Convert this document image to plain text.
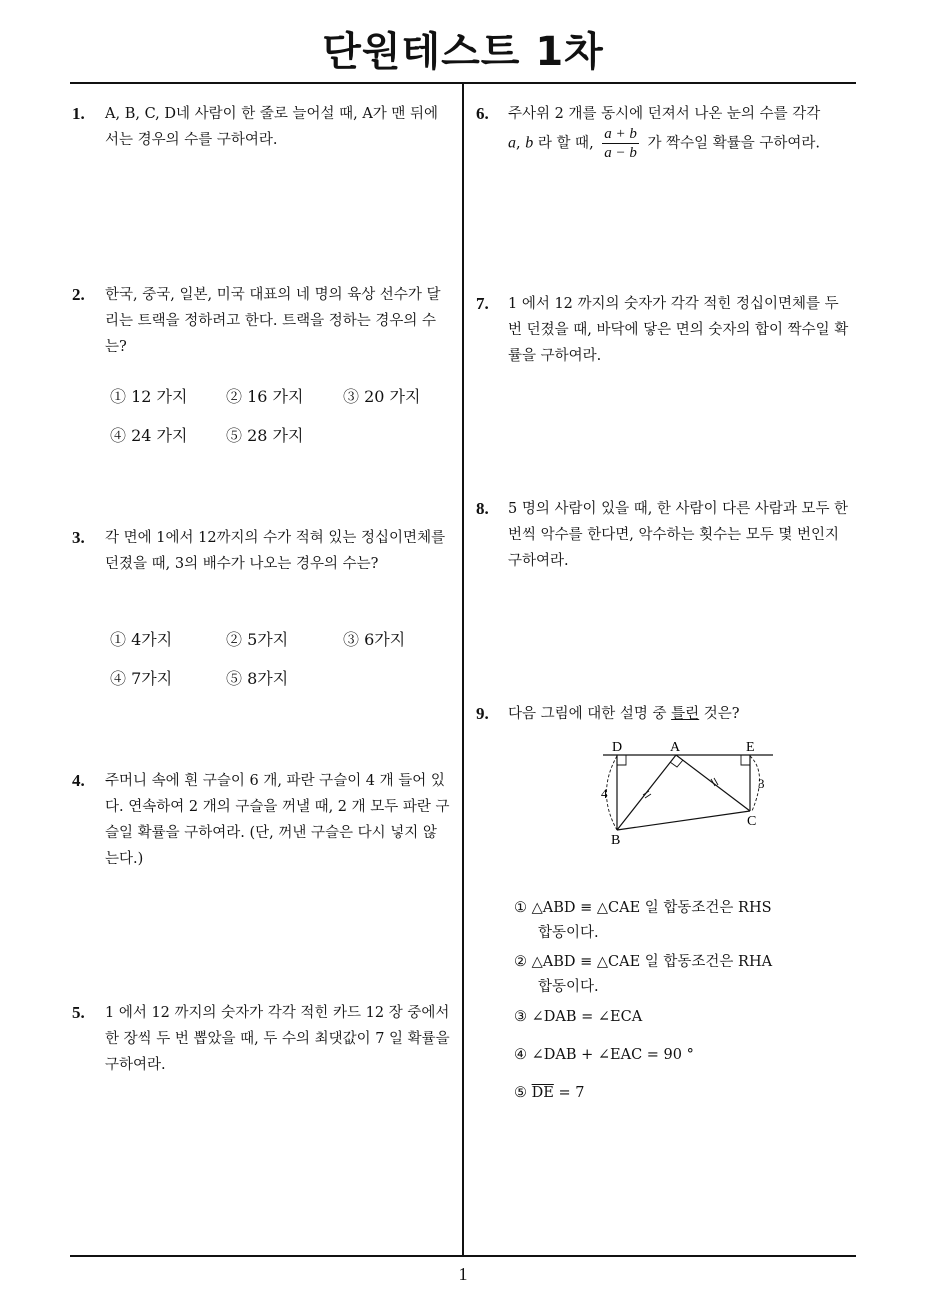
단원테스트 1차
1. A, B, C, D네 사람이 한 줄로 늘어설 때, A가 맨 뒤에 서는 경우의 수를 구하여라.
2. 한국, 중국, 일본, 미국 대표의 네 명의 육상 선수가 달리는 트랙을 정하려고 한다. 트랙을 정하는 경우의 수는?
① 12 가지 ② 16 가지 ③ 20 가지
④ 24 가지 ⑤ 28 가지
3. 각 면에 1에서 12까지의 수가 적혀 있는 정십이면체를 던졌을 때, 3의 배수가 나오는 경우의 수는?
① 4가지	② 5가지	③ 6가지
④ 7가지	⑤ 8가지
4. 주머니 속에 흰 구슬이 6 개, 파란 구슬이 4 개 들어 있다. 연속하여 2 개의 구슬을 꺼낼 때, 2 개 모두 파란 구슬일 확률을 구하여라. (단, 꺼낸 구슬은 다시 넣지 않는다.)
5. 1 에서 12 까지의 숫자가 각각 적힌 카드 12 장 중에서 한 장씩 두 번 뽑았을 때, 두 수의 최댓값이 7 일 확률을 구하여라.
6. 주사위 2 개를 동시에 던져서 나온 눈의 수를 각각
a, b 라 할 때, $\frac{a + b}{a - b}$ 가 짝수일 확률을 구하여라.
7. 1 에서 12 까지의 숫자가 각각 적힌 정십이면체를 두 번 던졌을 때, 바닥에 닿은 면의 숫자의 합이 짝수일 확률을 구하여라.
8. 5 명의 사람이 있을 때, 한 사람이 다른 사람과 모두 한 번씩 악수를 한다면, 악수하는 횟수는 모두 몇 번인지 구하여라.
9. 다음 그림에 대한 설명 중 틀린 것은?
D	A	E
B
C
4
3
① △ABD ≡ △CAE 일 합동조건은 RHS
합동이다.
② △ABD ≡ △CAE 일 합동조건은 RHA
합동이다.
③ ∠DAB = ∠ECA
④ ∠DAB + ∠EAC = 90 °
⑤ $\overline{DE} = 7$
1
